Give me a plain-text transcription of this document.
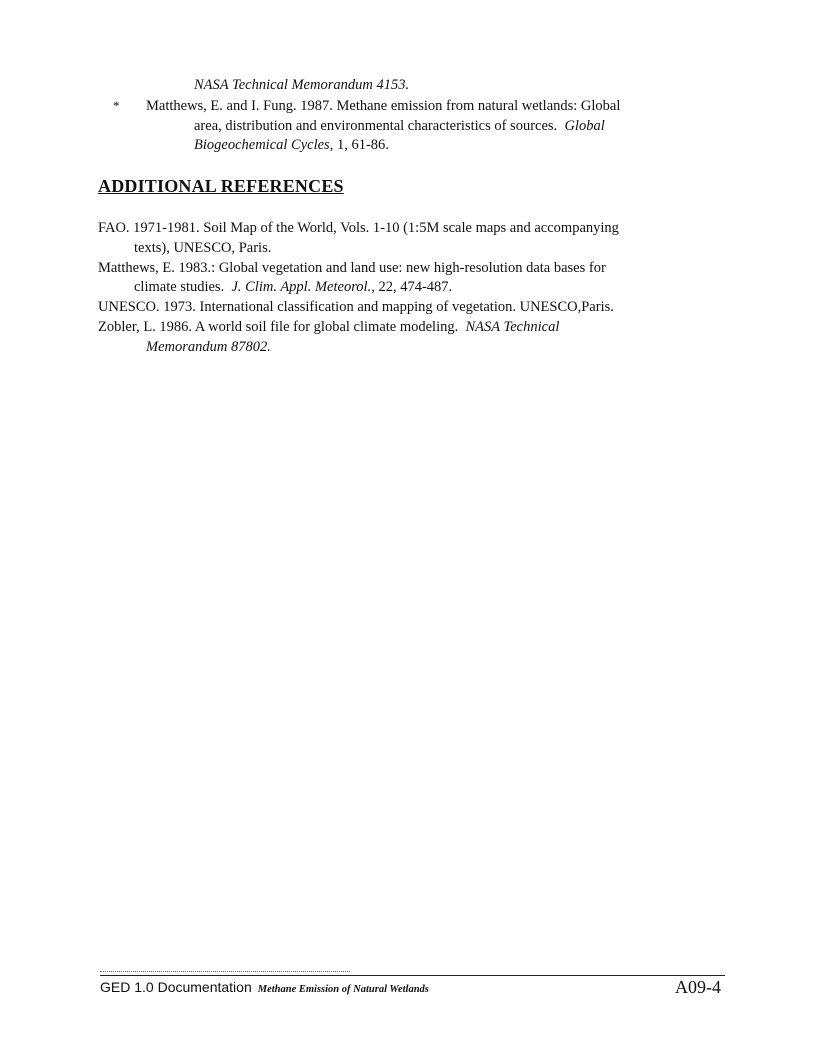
NASA Technical Memorandum 4153.
* Matthews, E. and I. Fung. 1987. Methane emission from natural wetlands: Global
area, distribution and environmental characteristics of sources. Global
Biogeochemical Cycles, 1, 61-86.
ADDITIONAL REFERENCES
FAO. 1971-1981. Soil Map of the World, Vols. 1-10 (1:5M scale maps and accompanying
texts), UNESCO, Paris.
Matthews, E. 1983.: Global vegetation and land use: new high-resolution data bases for
climate studies. J. Clim. Appl. Meteorol., 22, 474-487.
UNESCO. 1973. International classification and mapping of vegetation. UNESCO,Paris.
Zobler, L. 1986. A world soil file for global climate modeling. NASA Technical
Memorandum 87802.
GED 1.0 Documentation Methane Emission of Natural Wetlands	A09-4
